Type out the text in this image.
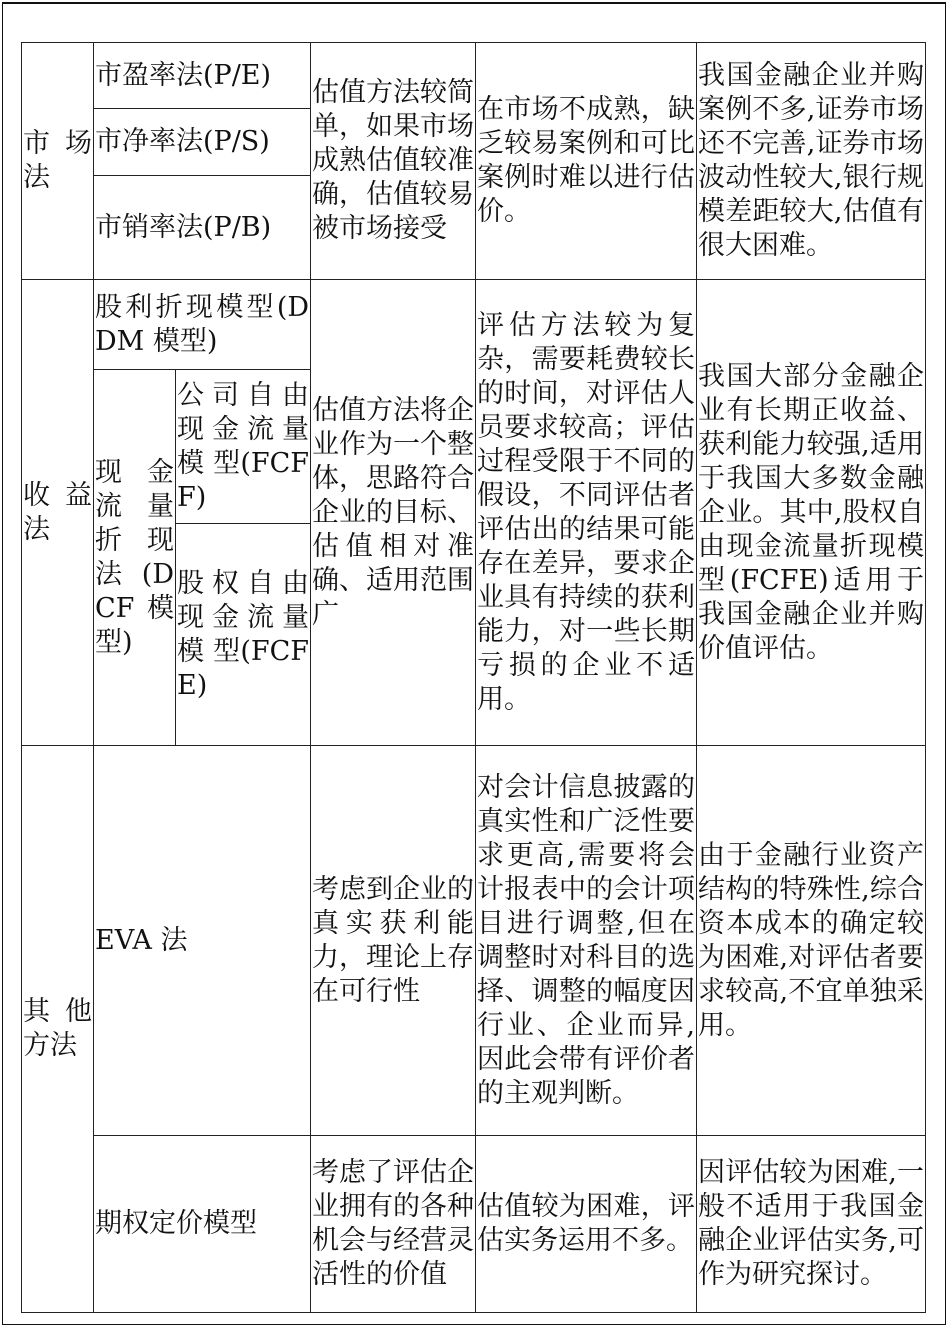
市 场法	市盈率法(P/E)		估值方法较简单，如果市场成熟估值较准确，估值较易被市场接受	在市场不成熟，缺乏较易案例和可比案例时难以进行估价。	我国金融企业并购案例不多,证券市场还不完善,证券市场波动性较大,银行规模差距较大,估值有很大困难。
	市净率法(P/S)				
	市销率法(P/B)				
收 益法	股利折现模型(DDM 模型)		估值方法将企业作为一个整体，思路符合企业的目标、估值相对准确、适用范围广	评估方法较为复杂，需要耗费较长的时间，对评估人员要求较高；评估过程受限于不同的假设，不同评估者评估出的结果可能存在差异，要求企业具有持续的获利能力，对一些长期亏损的企业不适用。	我国大部分金融企业有长期正收益、获利能力较强,适用于我国大多数金融企业。其中,股权自由现金流量折现模型(FCFE)适用于我国金融企业并购价值评估。
	现 金流 量折 现法(DCF模型)	公司自由现金流量模 型(FCFF)			
		股权自由现金流量模 型(FCFE)			
其 他方法	EVA 法		考虑到企业的真实获利能力，理论上存在可行性	对会计信息披露的真实性和广泛性要求更高,需要将会计报表中的会计项目进行调整,但在调整时对科目的选择、调整的幅度因行业、企业而异,因此会带有评价者的主观判断。	由于金融行业资产结构的特殊性,综合资本成本的确定较为困难,对评估者要求较高,不宜单独采用。
	期权定价模型		考虑了评估企业拥有的各种机会与经营灵活性的价值	估值较为困难，评估实务运用不多。	因评估较为困难,一般不适用于我国金融企业评估实务,可作为研究探讨。
